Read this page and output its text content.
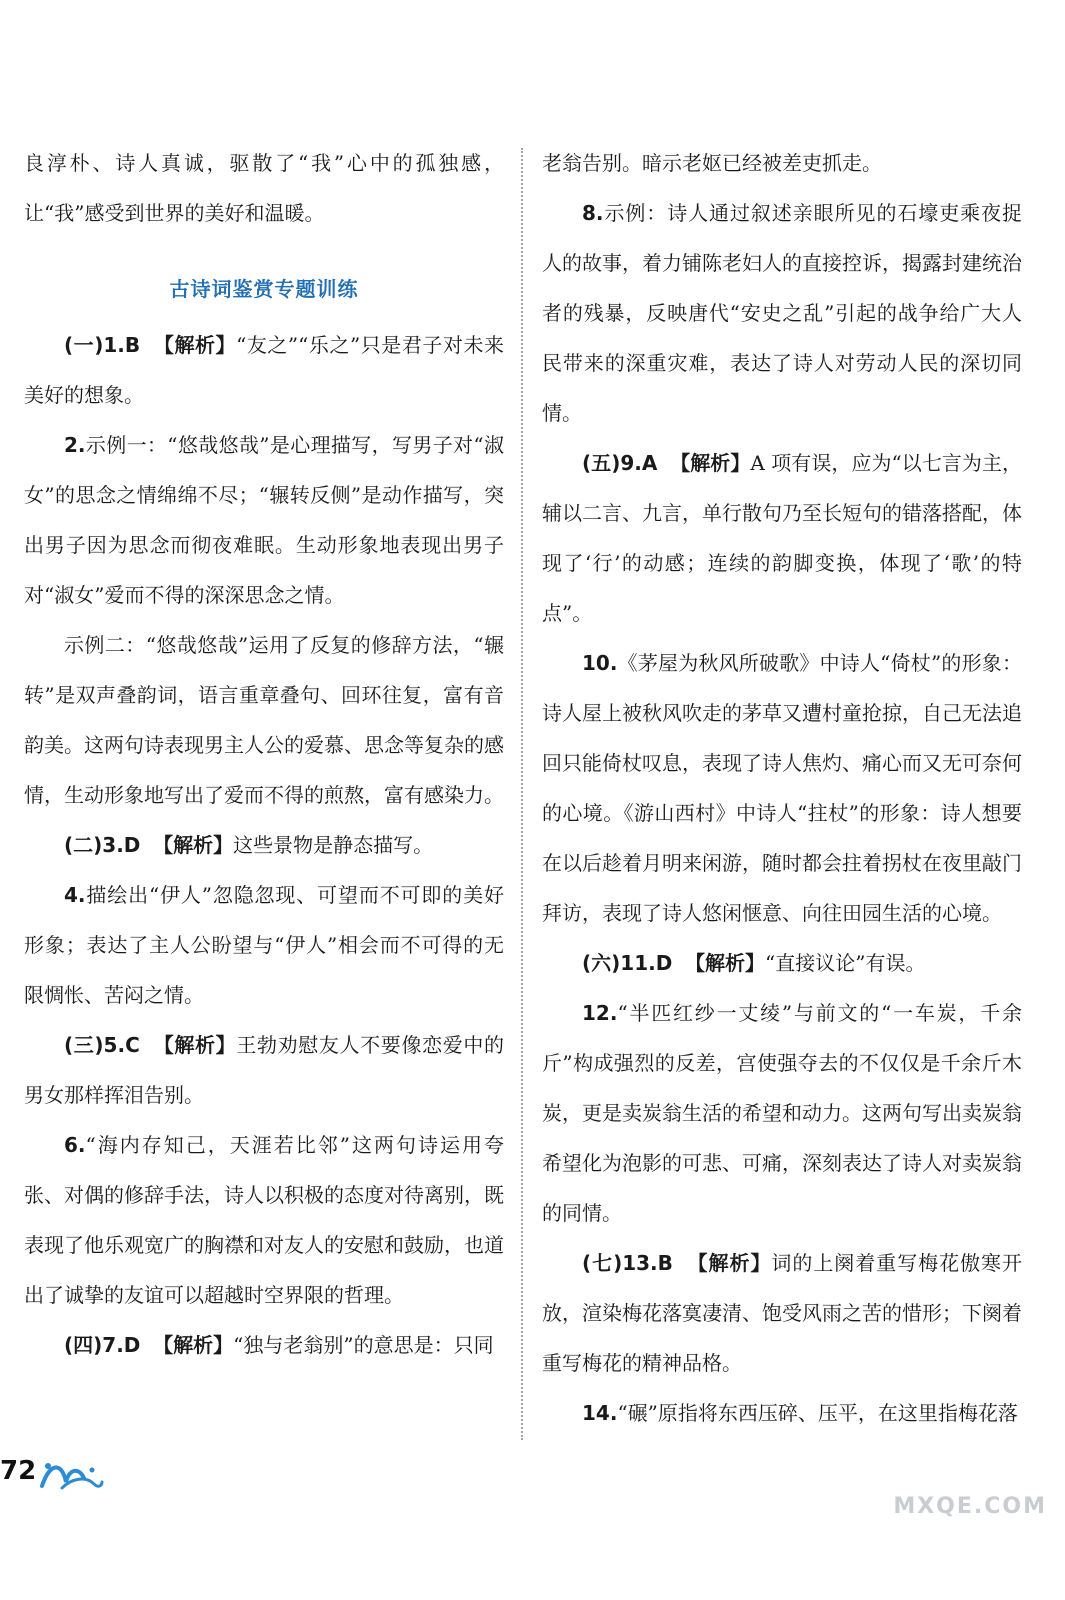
良淳朴、诗人真诚，驱散了“我”心中的孤独感，让“我”感受到世界的美好和温暖。

古诗词鉴赏专题训练

(一)1.B 【解析】“友之”“乐之”只是君子对未来美好的想象。

2.示例一：“悠哉悠哉”是心理描写，写男子对“淑女”的思念之情绵绵不尽；“辗转反侧”是动作描写，突出男子因为思念而彻夜难眠。生动形象地表现出男子对“淑女”爱而不得的深深思念之情。

示例二：“悠哉悠哉”运用了反复的修辞方法，“辗转”是双声叠韵词，语言重章叠句、回环往复，富有音韵美。这两句诗表现男主人公的爱慕、思念等复杂的感情，生动形象地写出了爱而不得的煎熬，富有感染力。

(二)3.D 【解析】这些景物是静态描写。

4.描绘出“伊人”忽隐忽现、可望而不可即的美好形象；表达了主人公盼望与“伊人”相会而不可得的无限惆怅、苦闷之情。

(三)5.C 【解析】王勃劝慰友人不要像恋爱中的男女那样挥泪告别。

6.“海内存知己，天涯若比邻”这两句诗运用夸张、对偶的修辞手法，诗人以积极的态度对待离别，既表现了他乐观宽广的胸襟和对友人的安慰和鼓励，也道出了诚挚的友谊可以超越时空界限的哲理。

(四)7.D 【解析】“独与老翁别”的意思是：只同

老翁告别。暗示老妪已经被差吏抓走。

8.示例：诗人通过叙述亲眼所见的石壕吏乘夜捉人的故事，着力铺陈老妇人的直接控诉，揭露封建统治者的残暴，反映唐代“安史之乱”引起的战争给广大人民带来的深重灾难，表达了诗人对劳动人民的深切同情。

(五)9.A 【解析】A 项有误，应为“以七言为主，辅以二言、九言，单行散句乃至长短句的错落搭配，体现了‘行’的动感；连续的韵脚变换，体现了‘歌’的特点”。

10.《茅屋为秋风所破歌》中诗人“倚杖”的形象：诗人屋上被秋风吹走的茅草又遭村童抢掠，自己无法追回只能倚杖叹息，表现了诗人焦灼、痛心而又无可奈何的心境。《游山西村》中诗人“拄杖”的形象：诗人想要在以后趁着月明来闲游，随时都会拄着拐杖在夜里敲门拜访，表现了诗人悠闲惬意、向往田园生活的心境。

(六)11.D 【解析】“直接议论”有误。

12.“半匹红纱一丈绫”与前文的“一车炭，千余斤”构成强烈的反差，宫使强夺去的不仅仅是千余斤木炭，更是卖炭翁生活的希望和动力。这两句写出卖炭翁希望化为泡影的可悲、可痛，深刻表达了诗人对卖炭翁的同情。

(七)13.B 【解析】词的上阕着重写梅花傲寒开放，渲染梅花落寞凄清、饱受风雨之苦的惜形；下阕着重写梅花的精神品格。

14.“碾”原指将东西压碎、压平，在这里指梅花落

72
MXQE.COM
